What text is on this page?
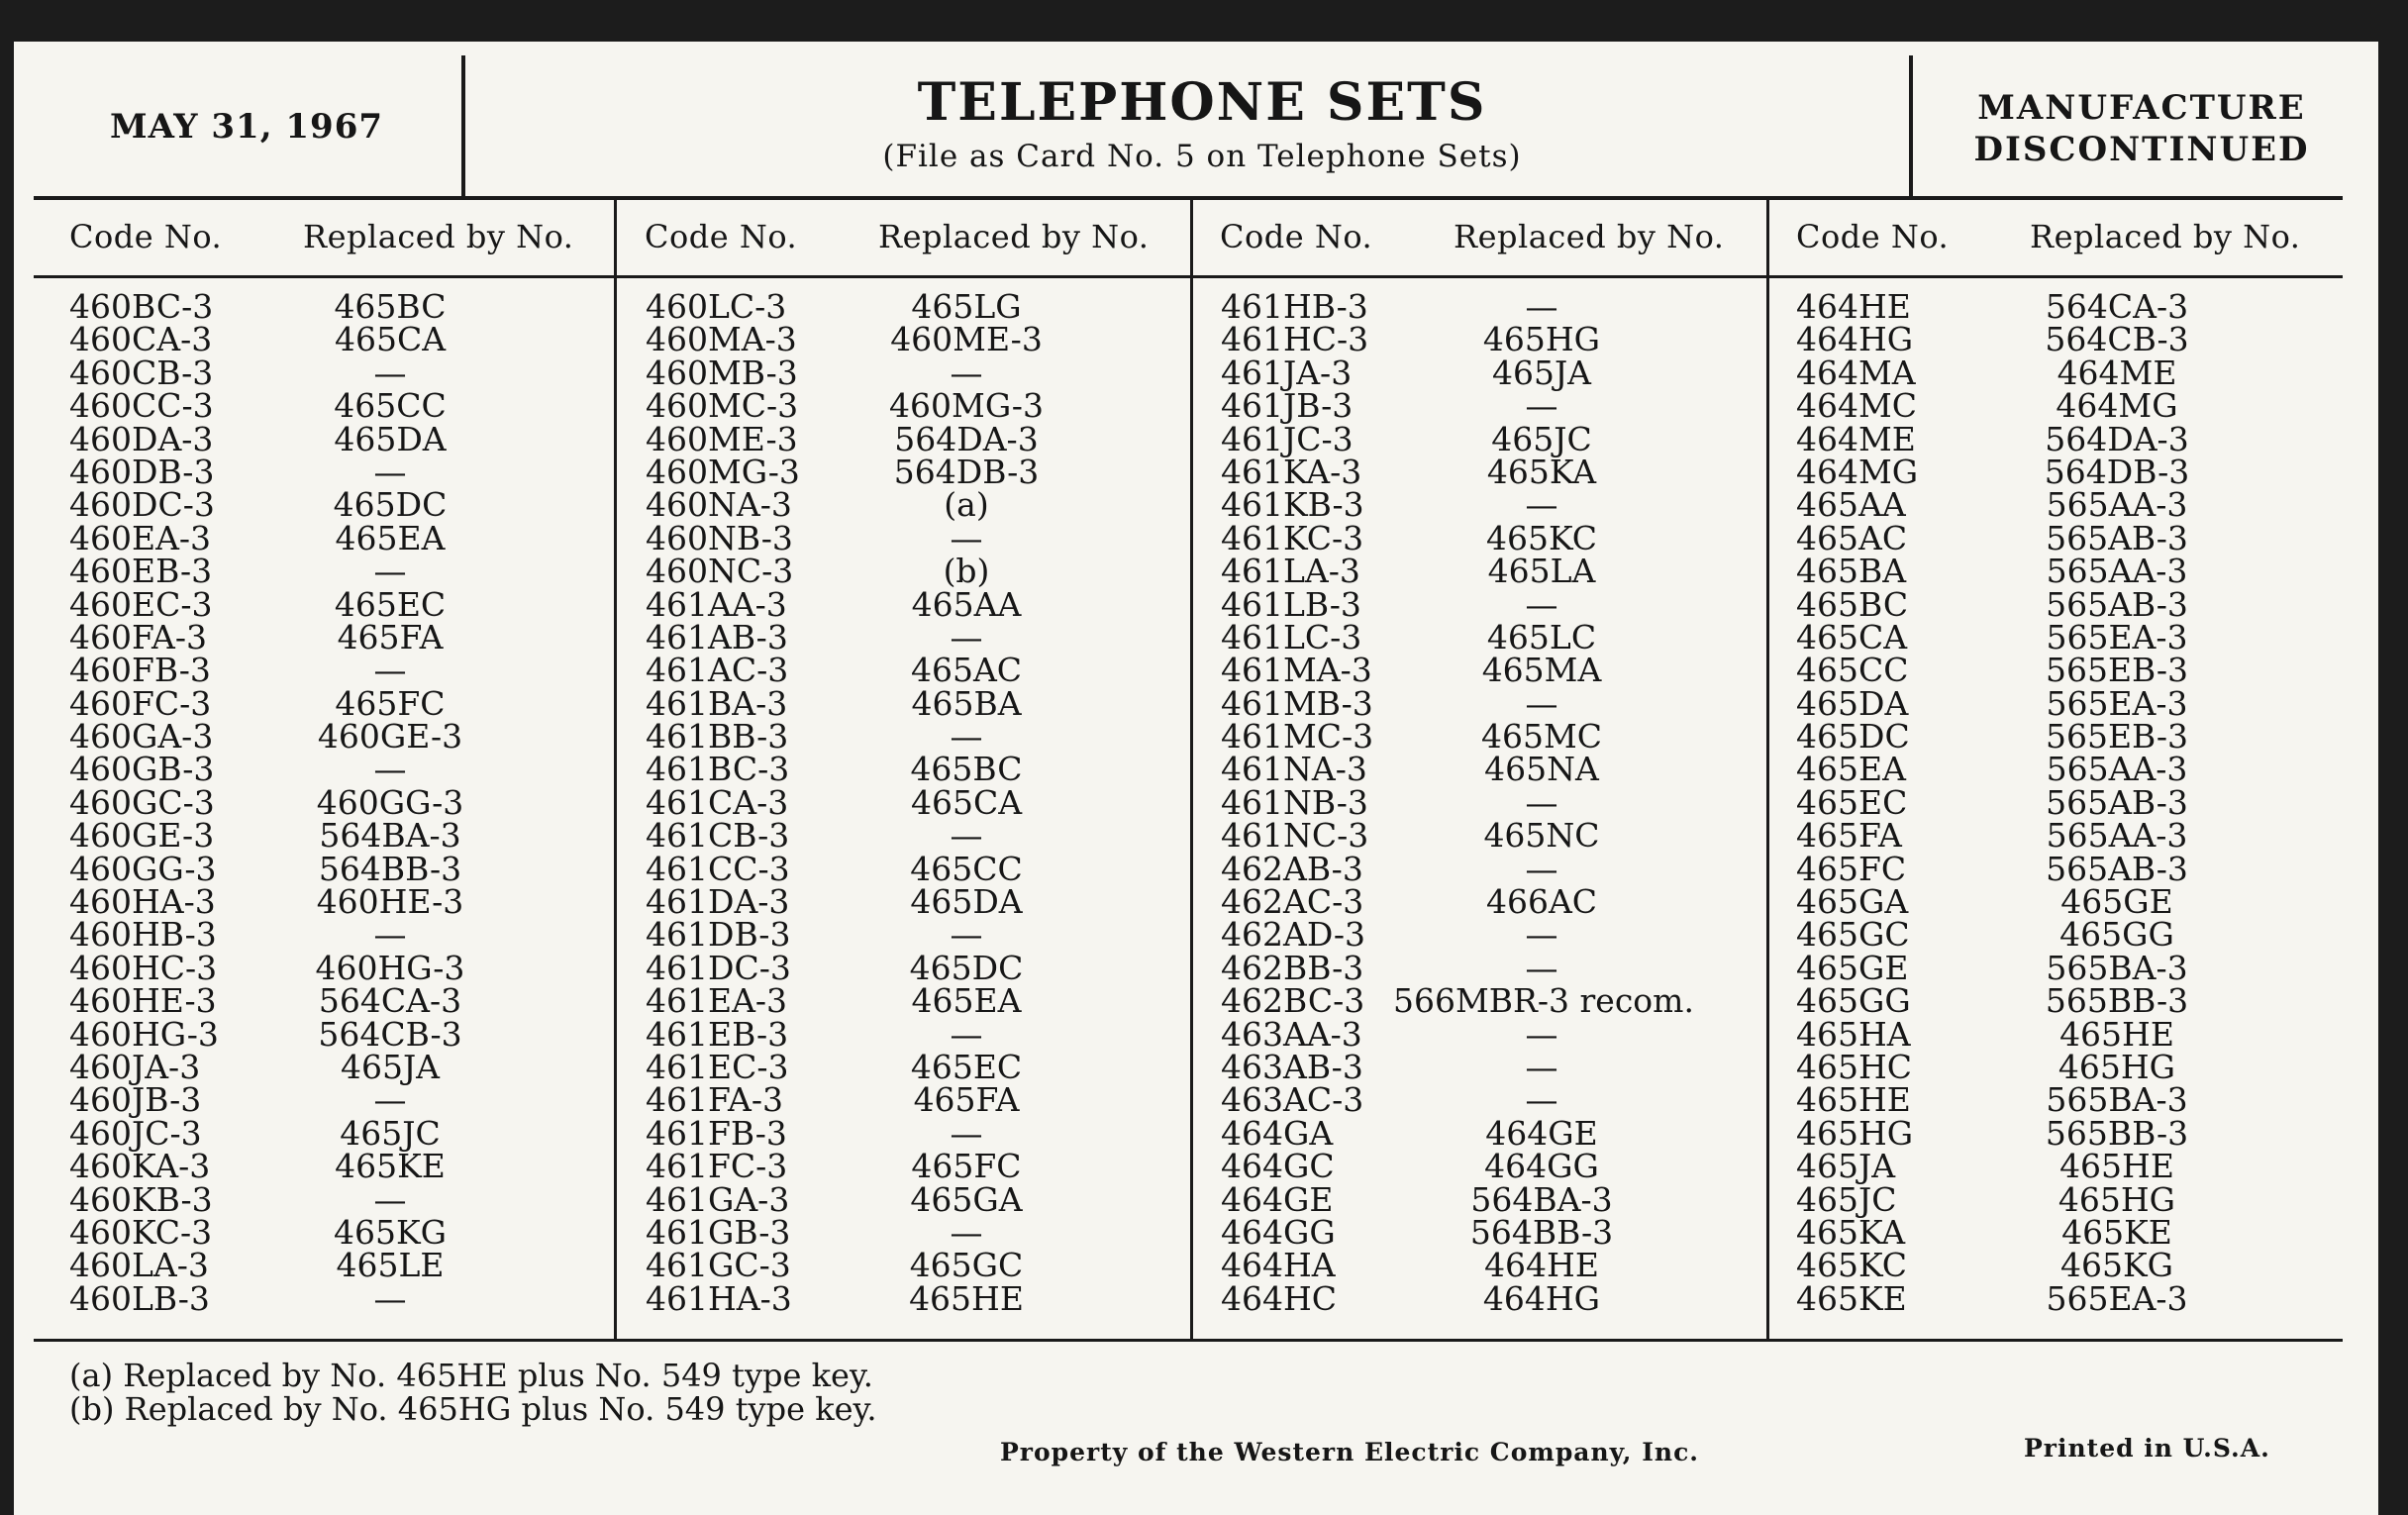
MAY 31, 1967	TELEPHONE SETS
(File as Card No. 5 on Telephone Sets)
MANUFACTURE
DISCONTINUED
Code No.	Replaced by No. Code No.	Replaced by No. Code No.	Replaced by No. Code No.	Replaced by No.
460BC-3	465BC
460CA-3	465CA
460CB-3	—
460CC-3	465CC
460DA-3	465DA
460DB-3	—
460DC-3	465DC
460EA-3	465EA
460EB-3	—
460EC-3	465EC
460FA-3	465FA
460FB-3	—
460FC-3	465FC
460GA-3	460GE-3
460GB-3	—
460GC-3	460GG-3
460GE-3	564BA-3
460GG-3	564BB-3
460HA-3	460HE-3
460HB-3	—
460HC-3	460HG-3
460HE-3	564CA-3
460HG-3	564CB-3
460JA-3	465JA
460JB-3	—
460JC-3	465JC
460KA-3	465KE
460KB-3	—
460KC-3	465KG
460LA-3	465LE
460LB-3	—
460LC-3	465LG
460MA-3	460ME-3
460MB-3	—
460MC-3	460MG-3
460ME-3	564DA-3
460MG-3	564DB-3
460NA-3	(a)
460NB-3	—
460NC-3	(b)
461AA-3	465AA
461AB-3	—
461AC-3	465AC
461BA-3	465BA
461BB-3	—
461BC-3	465BC
461CA-3	465CA
461CB-3	—
461CC-3	465CC
461DA-3	465DA
461DB-3	—
461DC-3	465DC
461EA-3	465EA
461EB-3	—
461EC-3	465EC
461FA-3	465FA
461FB-3	—
461FC-3	465FC
461GA-3	465GA
461GB-3	—
461GC-3	465GC
461HA-3	465HE
461HB-3	—
461HC-3	465HG
461JA-3	465JA
461JB-3	—
461JC-3	465JC
461KA-3	465KA
461KB-3	—
461KC-3	465KC
461LA-3	465LA
461LB-3	—
461LC-3	465LC
461MA-3	465MA
461MB-3	—
461MC-3	465MC
461NA-3	465NA
461NB-3	—
461NC-3	465NC
462AB-3	—
462AC-3	466AC
462AD-3	—
462BB-3	—
462BC-3 566MBR-3 recom.
463AA-3	—
463AB-3	—
463AC-3	—
464GA	464GE
464GC	464GG
464GE	564BA-3
464GG	564BB-3
464HA	464HE
464HC	464HG
464HE	564CA-3
464HG	564CB-3
464MA	464ME
464MC	464MG
464ME	564DA-3
464MG	564DB-3
465AA	565AA-3
465AC	565AB-3
465BA	565AA-3
465BC	565AB-3
465CA	565EA-3
465CC	565EB-3
465DA	565EA-3
465DC	565EB-3
465EA	565AA-3
465EC	565AB-3
465FA	565AA-3
465FC	565AB-3
465GA	465GE
465GC	465GG
465GE	565BA-3
465GG	565BB-3
465HA	465HE
465HC	465HG
465HE	565BA-3
465HG	565BB-3
465JA	465HE
465JC	465HG
465KA	465KE
465KC	465KG
465KE	565EA-3
(a) Replaced by No. 465HE plus No. 549 type key.
(b) Replaced by No. 465HG plus No. 549 type key.
Property of the Western Electric Company, Inc.	Printed in U.S.A.
